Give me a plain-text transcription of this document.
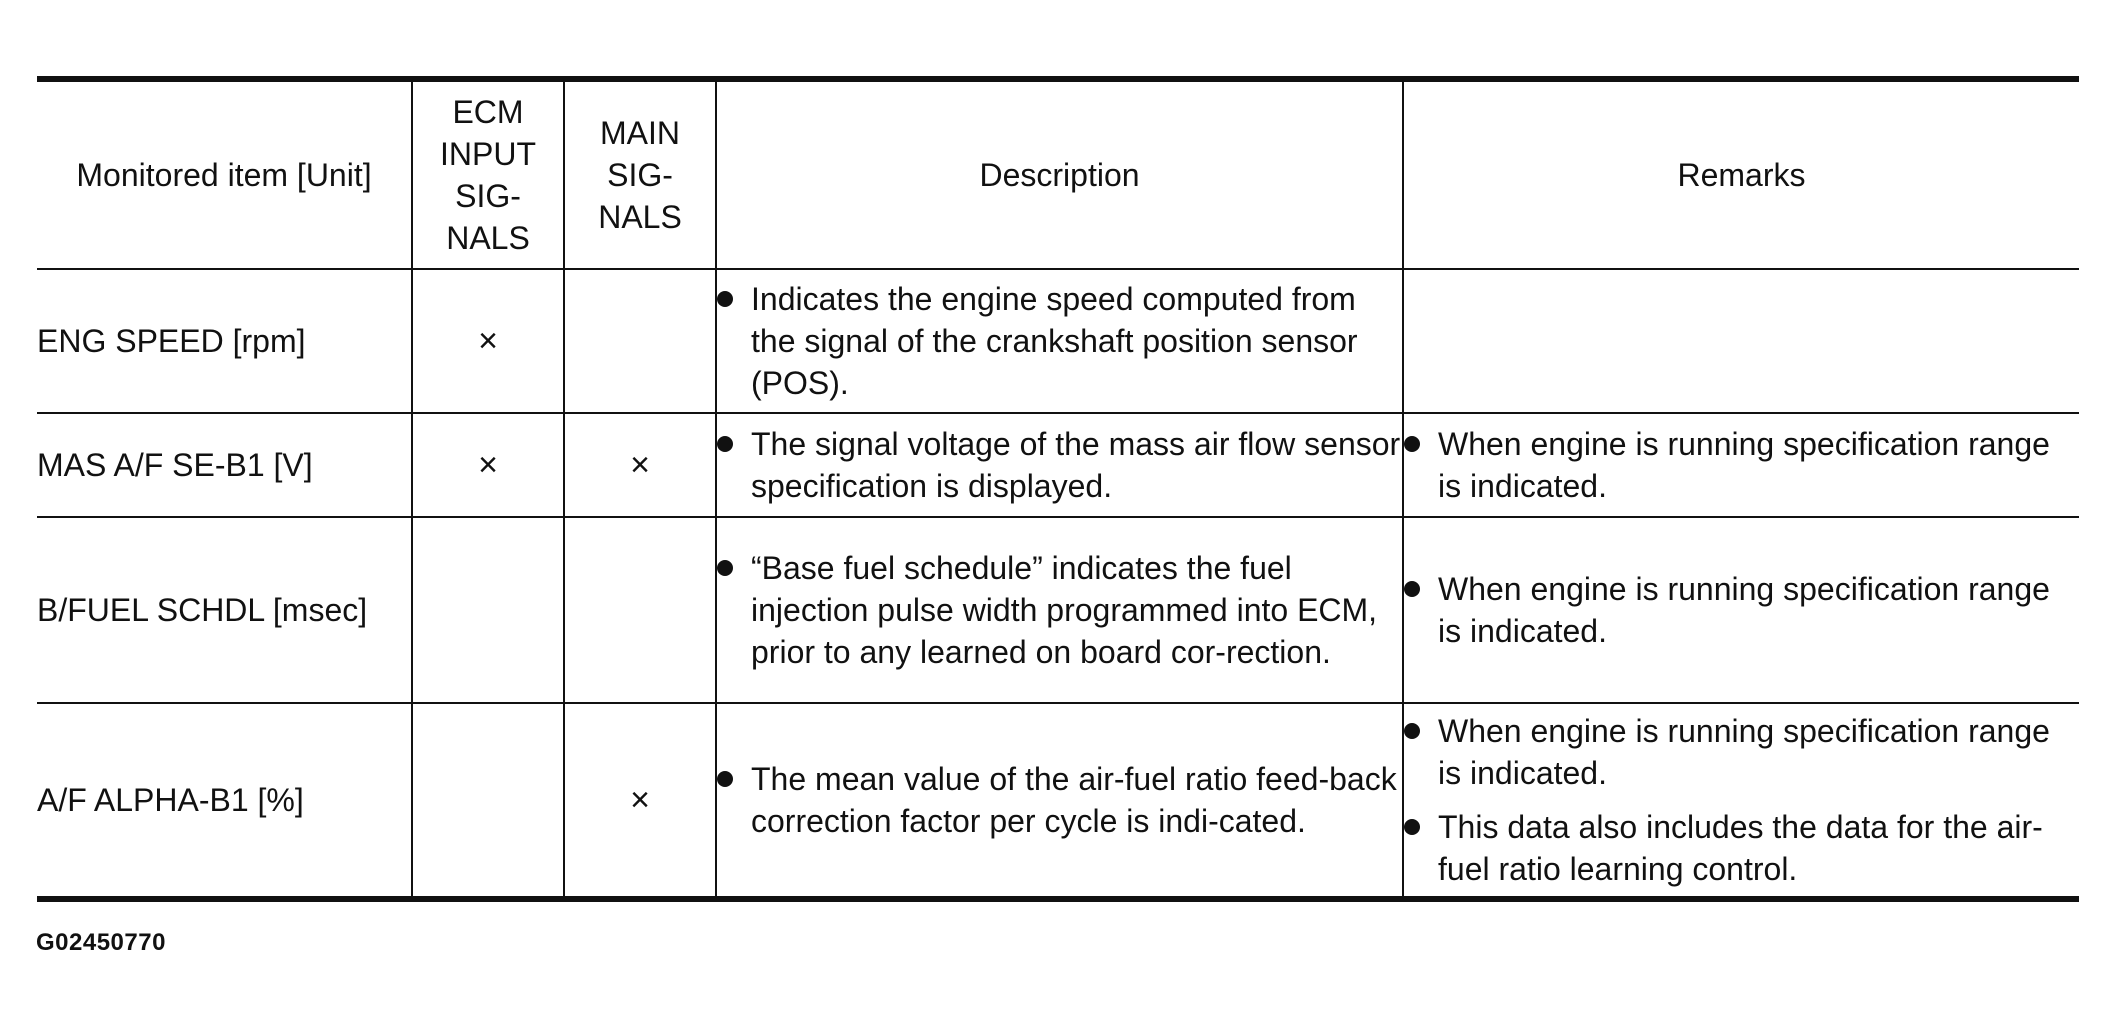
Monitored item [Unit]	ECM
INPUT
SIG-
NALS	MAIN
SIG-
NALS	Description	Remarks
ENG SPEED [rpm]	×		Indicates the engine speed computed from the signal of the crankshaft position sensor (POS).	

MAS A/F SE-B1 [V]	×	×	The signal voltage of the mass air flow sensor specification is displayed.	When engine is running specification range is indicated.

B/FUEL SCHDL [msec]			“Base fuel schedule” indicates the fuel injection pulse width programmed into ECM, prior to any learned on board cor-rection.	When engine is running specification range is indicated.

A/F ALPHA-B1 [%]		×	The mean value of the air-fuel ratio feed-back correction factor per cycle is indi-cated.	When engine is running specification range is indicated.
This data also includes the data for the air-fuel ratio learning control.
G02450770
